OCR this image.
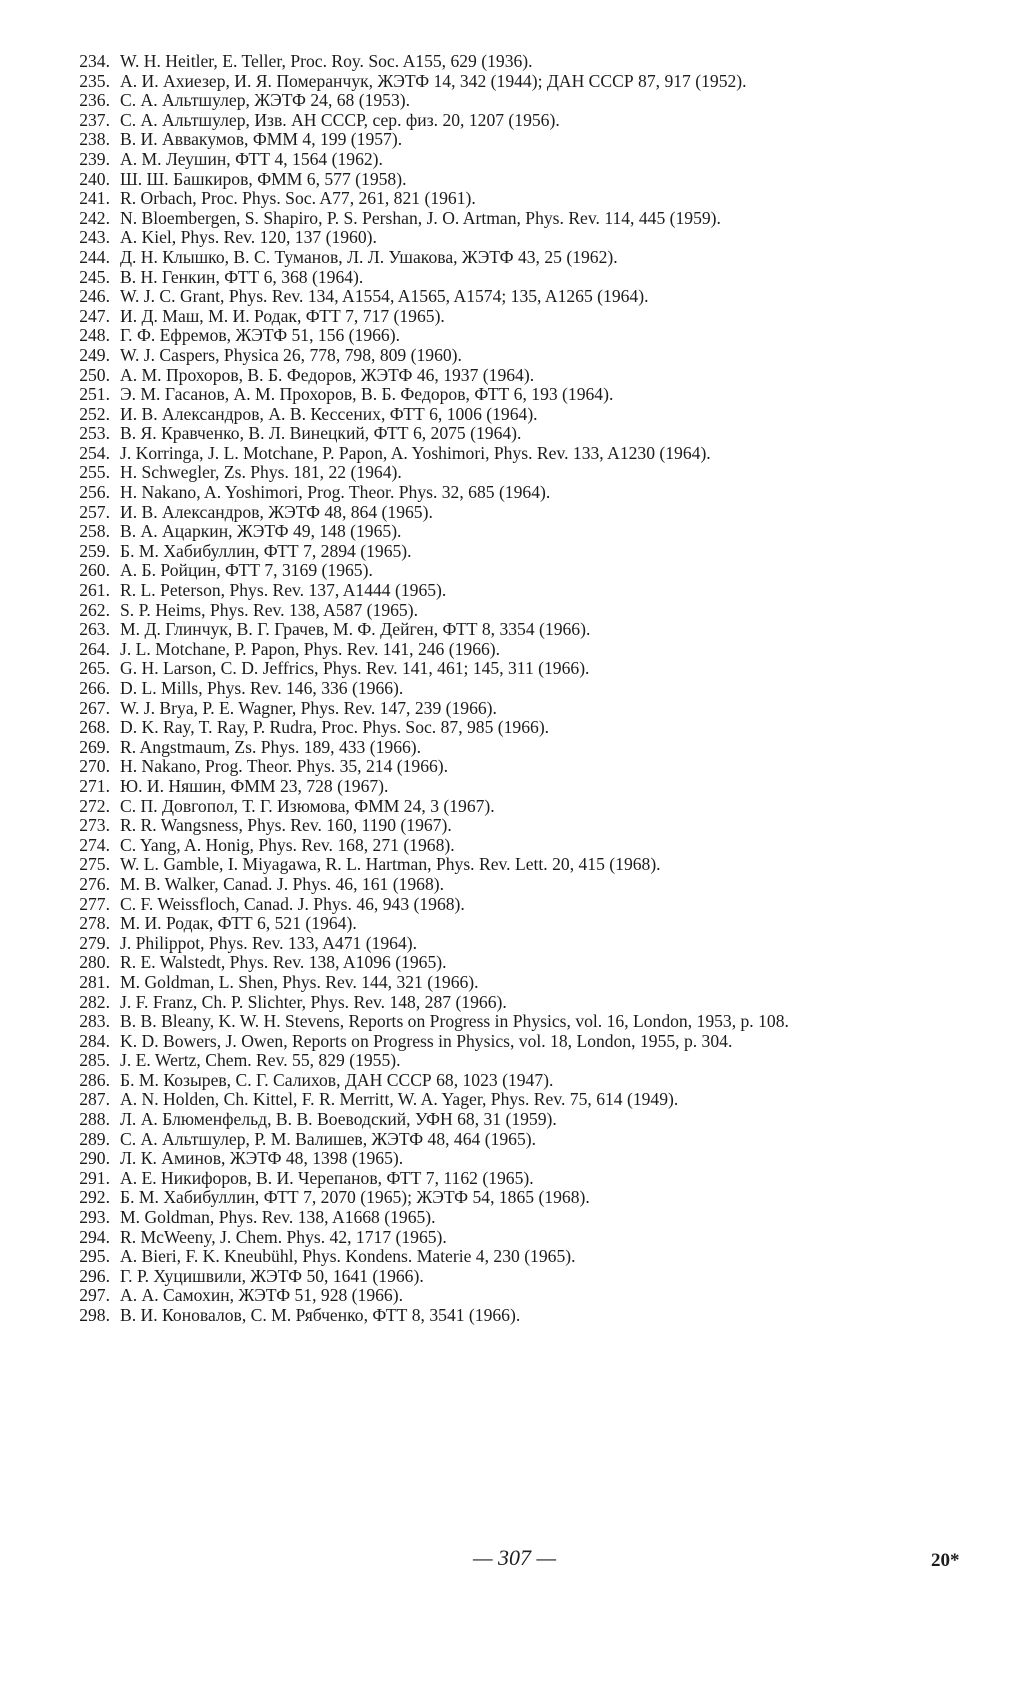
234. W. H. Heitler, E. Teller, Proc. Roy. Soc. A155, 629 (1936).
235. А. И. Ахиезер, И. Я. Померанчук, ЖЭТФ 14, 342 (1944); ДАН СССР 87, 917 (1952).
236. С. А. Альтшулер, ЖЭТФ 24, 68 (1953).
237. С. А. Альтшулер, Изв. АН СССР, сер. физ. 20, 1207 (1956).
238. В. И. Аввакумов, ФММ 4, 199 (1957).
239. А. М. Леушин, ФТТ 4, 1564 (1962).
240. Ш. Ш. Башкиров, ФММ 6, 577 (1958).
241. R. Orbach, Proc. Phys. Soc. A77, 261, 821 (1961).
242. N. Bloembergen, S. Shapiro, P. S. Pershan, J. O. Artman, Phys. Rev. 114, 445 (1959).
243. A. Kiel, Phys. Rev. 120, 137 (1960).
244. Д. Н. Клышко, В. С. Туманов, Л. Л. Ушакова, ЖЭТФ 43, 25 (1962).
245. В. Н. Генкин, ФТТ 6, 368 (1964).
246. W. J. C. Grant, Phys. Rev. 134, A1554, A1565, A1574; 135, A1265 (1964).
247. И. Д. Маш, М. И. Родак, ФТТ 7, 717 (1965).
248. Г. Ф. Ефремов, ЖЭТФ 51, 156 (1966).
249. W. J. Caspers, Physica 26, 778, 798, 809 (1960).
250. А. М. Прохоров, В. Б. Федоров, ЖЭТФ 46, 1937 (1964).
251. Э. М. Гасанов, А. М. Прохоров, В. Б. Федоров, ФТТ 6, 193 (1964).
252. И. В. Александров, А. В. Кессених, ФТТ 6, 1006 (1964).
253. В. Я. Кравченко, В. Л. Винецкий, ФТТ 6, 2075 (1964).
254. J. Korringa, J. L. Motchane, P. Papon, A. Yoshimori, Phys. Rev. 133, A1230 (1964).
255. H. Schwegler, Zs. Phys. 181, 22 (1964).
256. H. Nakano, A. Yoshimori, Prog. Theor. Phys. 32, 685 (1964).
257. И. В. Александров, ЖЭТФ 48, 864 (1965).
258. В. А. Ацаркин, ЖЭТФ 49, 148 (1965).
259. Б. М. Хабибуллин, ФТТ 7, 2894 (1965).
260. А. Б. Ройцин, ФТТ 7, 3169 (1965).
261. R. L. Peterson, Phys. Rev. 137, A1444 (1965).
262. S. P. Heims, Phys. Rev. 138, A587 (1965).
263. М. Д. Глинчук, В. Г. Грачев, М. Ф. Дейген, ФТТ 8, 3354 (1966).
264. J. L. Motchane, P. Papon, Phys. Rev. 141, 246 (1966).
265. G. H. Larson, C. D. Jeffrics, Phys. Rev. 141, 461; 145, 311 (1966).
266. D. L. Mills, Phys. Rev. 146, 336 (1966).
267. W. J. Brya, P. E. Wagner, Phys. Rev. 147, 239 (1966).
268. D. K. Ray, T. Ray, P. Rudra, Proc. Phys. Soc. 87, 985 (1966).
269. R. Angstmaum, Zs. Phys. 189, 433 (1966).
270. H. Nakano, Prog. Theor. Phys. 35, 214 (1966).
271. Ю. И. Няшин, ФММ 23, 728 (1967).
272. С. П. Довгопол, Т. Г. Изюмова, ФММ 24, 3 (1967).
273. R. R. Wangsness, Phys. Rev. 160, 1190 (1967).
274. C. Yang, A. Honig, Phys. Rev. 168, 271 (1968).
275. W. L. Gamble, I. Miyagawa, R. L. Hartman, Phys. Rev. Lett. 20, 415 (1968).
276. M. B. Walker, Canad. J. Phys. 46, 161 (1968).
277. C. F. Weissfloch, Canad. J. Phys. 46, 943 (1968).
278. М. И. Родак, ФТТ 6, 521 (1964).
279. J. Philippot, Phys. Rev. 133, A471 (1964).
280. R. E. Walstedt, Phys. Rev. 138, A1096 (1965).
281. M. Goldman, L. Shen, Phys. Rev. 144, 321 (1966).
282. J. F. Franz, Ch. P. Slichter, Phys. Rev. 148, 287 (1966).
283. B. B. Bleany, K. W. H. Stevens, Reports on Progress in Physics, vol. 16, London, 1953, p. 108.
284. K. D. Bowers, J. Owen, Reports on Progress in Physics, vol. 18, London, 1955, p. 304.
285. J. E. Wertz, Chem. Rev. 55, 829 (1955).
286. Б. М. Козырев, С. Г. Салихов, ДАН СССР 68, 1023 (1947).
287. A. N. Holden, Ch. Kittel, F. R. Merritt, W. A. Yager, Phys. Rev. 75, 614 (1949).
288. Л. А. Блюменфельд, В. В. Воеводский, УФН 68, 31 (1959).
289. С. А. Альтшулер, Р. М. Валишев, ЖЭТФ 48, 464 (1965).
290. Л. К. Аминов, ЖЭТФ 48, 1398 (1965).
291. А. Е. Никифоров, В. И. Черепанов, ФТТ 7, 1162 (1965).
292. Б. М. Хабибуллин, ФТТ 7, 2070 (1965); ЖЭТФ 54, 1865 (1968).
293. M. Goldman, Phys. Rev. 138, A1668 (1965).
294. R. McWeeny, J. Chem. Phys. 42, 1717 (1965).
295. A. Bieri, F. K. Kneubühl, Phys. Kondens. Materie 4, 230 (1965).
296. Г. Р. Хуцишвили, ЖЭТФ 50, 1641 (1966).
297. А. А. Самохин, ЖЭТФ 51, 928 (1966).
298. В. И. Коновалов, С. М. Рябченко, ФТТ 8, 3541 (1966).
— 307 —	20*
